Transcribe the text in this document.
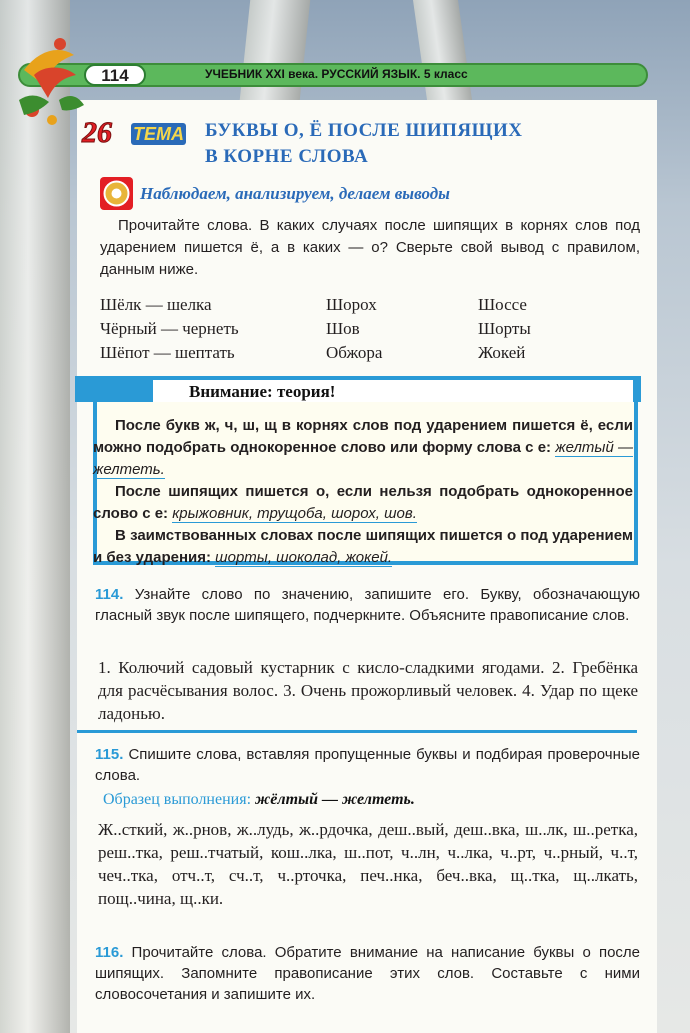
114	УЧЕБНИК XXI века. РУССКИЙ ЯЗЫК. 5 класс
26 ТЕМА БУКВЫ О, Ё ПОСЛЕ ШИПЯЩИХ
В КОРНЕ СЛОВА
Наблюдаем, анализируем, делаем выводы
Прочитайте слова. В каких случаях после шипящих в корнях слов под ударением пишется ё, а в каких — о? Сверьте свой вывод с правилом, данным ниже.
Шёлк — шелка
Чёрный — чернеть
Шёпот — шептать
Шорох
Шов
Обжора
Шоссе
Шорты
Жокей
Внимание: теория!

После букв ж, ч, ш, щ в корнях слов под ударением пишется ё, если можно подобрать однокоренное слово или форму слова с е: желтый — желтеть.

После шипящих пишется о, если нельзя подобрать однокоренное слово с е: крыжовник, трущоба, шорох, шов.

В заимствованных словах после шипящих пишется о под ударением и без ударения: шорты, шоколад, жокей.

114. Узнайте слово по значению, запишите его. Букву, обозначающую гласный звук после шипящего, подчеркните. Объясните правописание слов.
1. Колючий садовый кустарник с кисло-сладкими ягодами. 2. Гребёнка для расчёсывания волос. 3. Очень прожорливый человек. 4. Удар по щеке ладонью.
115. Спишите слова, вставляя пропущенные буквы и подбирая проверочные слова.
Образец выполнения: жёлтый — желтеть.
Ж..сткий, ж..рнов, ж..лудь, ж..рдочка, деш..вый, деш..вка, ш..лк, ш..ретка, реш..тка, реш..тчатый, кош..лка, ш..пот, ч..лн, ч..лка, ч..рт, ч..рный, ч..т, чеч..тка, отч..т, сч..т, ч..рточка, печ..нка, беч..вка, щ..тка, щ..лкать, пощ..чина, щ..ки.
116. Прочитайте слова. Обратите внимание на написание буквы о после шипящих. Запомните правописание этих слов. Составьте с ними словосочетания и запишите их.
